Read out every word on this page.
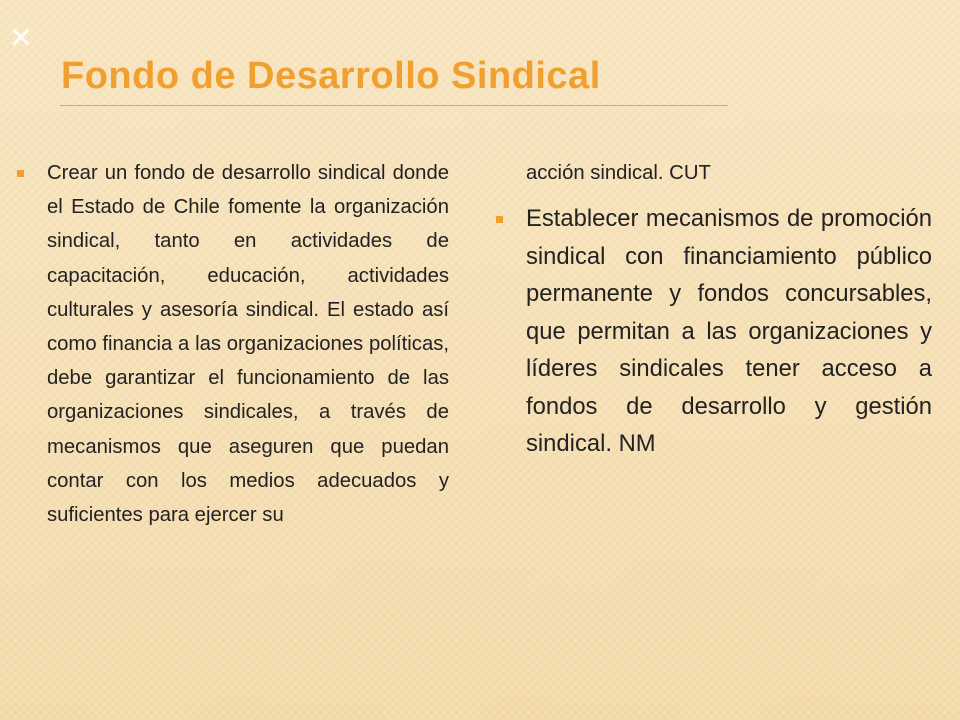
✕
Fondo de Desarrollo Sindical

Crear un fondo de desarrollo sindical donde el Estado de Chile fomente la organización sindical, tanto en actividades de capacitación, educación, actividades culturales y asesoría sindical. El estado así como financia a las organizaciones políticas, debe garantizar el funcionamiento de las organizaciones sindicales, a través de mecanismos que aseguren que puedan contar con los medios adecuados y suficientes para ejercer su

acción sindical. CUT

Establecer mecanismos de promoción sindical con financiamiento público permanente y fondos concursables, que permitan a las organizaciones y líderes sindicales tener acceso a fondos de desarrollo y gestión sindical. NM
